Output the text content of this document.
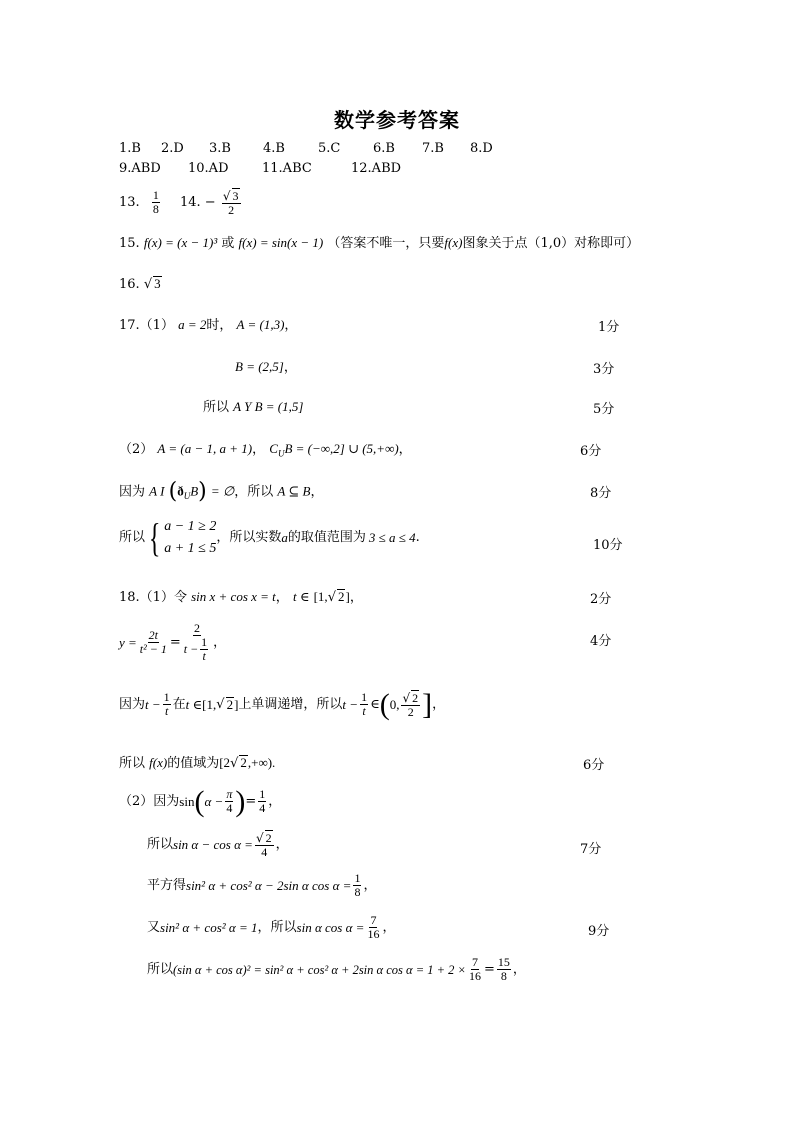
数学参考答案
1.B 2.D 3.B 4.B	5.C	6.B 7.B 8.D
9.ABD 10.AD	11.ABC	12.ABD
13. $\frac{1}{8} 14$. − $\frac{√ 3}{2}$
15. f(x) = (x − 1)³ 或 f(x) = sin(x − 1) （答案不唯一，只要f(x)图象关于点（1,0）对称即可）
16. √ 3
17.（1） a = 2时， A = (1,3)，	1分
B = (2,5]，	3分
所以 A Y B = (1,5]	5分
（2） A = (a − 1, a + 1)， $C_UB = (-\infty,2]$ ∪ (5,+∞)，	6分
因为 A I $(ð_UB)$ = ∅，所以 A ⊆ B，	8分
所以 { a − 1 ≥ 2
a + 1 ≤ 5
，所以实数 a 的取值范围为 3 ≤ a ≤ 4 .
10分
18.（1）令 sin x + cos x = t， t ∈ [1,√ 2]，	2分
$y = \frac{2t}{\text{t² − 1}} = \frac{2}{t - \frac{1}{t}}$ ，	4分
因为 $t - \frac{1}{t}$ 在 t ∈ [1, √ 2 ] 上单调递增，所以 $t - \frac{1}{t}$ ∈ ( 0, $\frac{√ 2}{2}$ ] ，
所以 f(x)的值域为[2√ 2,+∞).	6分
（2）因为 sin ( $\alpha - \frac{\pi}{4}$ ) = $\frac{1}{4}$ ，
所以 $\sin \alpha - \cos \alpha = \frac{√ 2}{4}$ ，	7分
平方得 sin² α + cos² α − 2sin α $\cos \alpha = \frac{1}{8}$ ，
又 sin² α + cos² α = 1 ，所以 sin α $\cos \alpha = \frac{7}{16}$ ，	9分
所以 (sin α + cos α)² = sin² α + cos² α + 2sin α $\cos \alpha = 1 + 2 \times \frac{7}{16} = \frac{15}{8}$ ，
